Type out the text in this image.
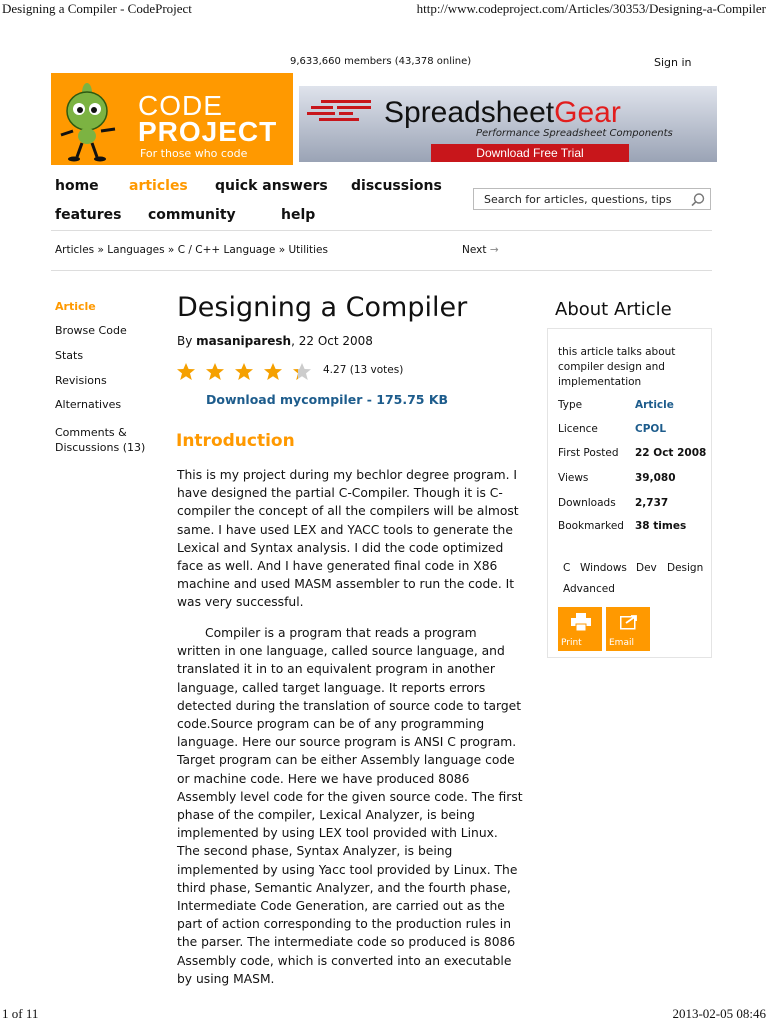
Designing a Compiler - CodeProject	http://www.codeproject.com/Articles/30353/Designing-a-Compiler
1 of 11	2013-02-05 08:46
9,633,660 members (43,378 online)	Sign in
CODE
PROJECT
For those who code
SpreadsheetGear
Performance Spreadsheet Components
Download Free Trial
home articles quick answers discussions
features community	help
Search for articles, questions, tips
Articles » Languages » C / C++ Language » Utilities	Next →
Article
Browse Code
Stats
Revisions
Alternatives
Comments &
Discussions (13)
Designing a Compiler
By masaniparesh, 22 Oct 2008
4.27 (13 votes)
Download mycompiler - 175.75 KB
Introduction

This is my project during my bechlor degree program. I have designed the partial C-Compiler. Though it is C-compiler the concept of all the compilers will be almost same. I have used LEX and YACC tools to generate the Lexical and Syntax analysis. I did the code optimized face as well. And I have generated final code in X86 machine and used MASM assembler to run the code. It was very successful.

Compiler is a program that reads a program written in one language, called source language, and translated it in to an equivalent program in another language, called target language. It reports errors detected during the translation of source code to target code.Source program can be of any programming language. Here our source program is ANSI C program. Target program can be either Assembly language code or machine code. Here we have produced 8086 Assembly level code for the given source code. The first phase of the compiler, Lexical Analyzer, is being implemented by using LEX tool provided with Linux. The second phase, Syntax Analyzer, is being implemented by using Yacc tool provided by Linux. The third phase, Semantic Analyzer, and the fourth phase, Intermediate Code Generation, are carried out as the part of action corresponding to the production rules in the parser. The intermediate code so produced is 8086 Assembly code, which is converted into an executable by using MASM.

About Article
this article talks about compiler design and implementation
Type	Article
Licence	CPOL
First Posted 22 Oct 2008
Views	39,080
Downloads 2,737
Bookmarked 38 times
C Windows Dev Design
Advanced
Print	Email
